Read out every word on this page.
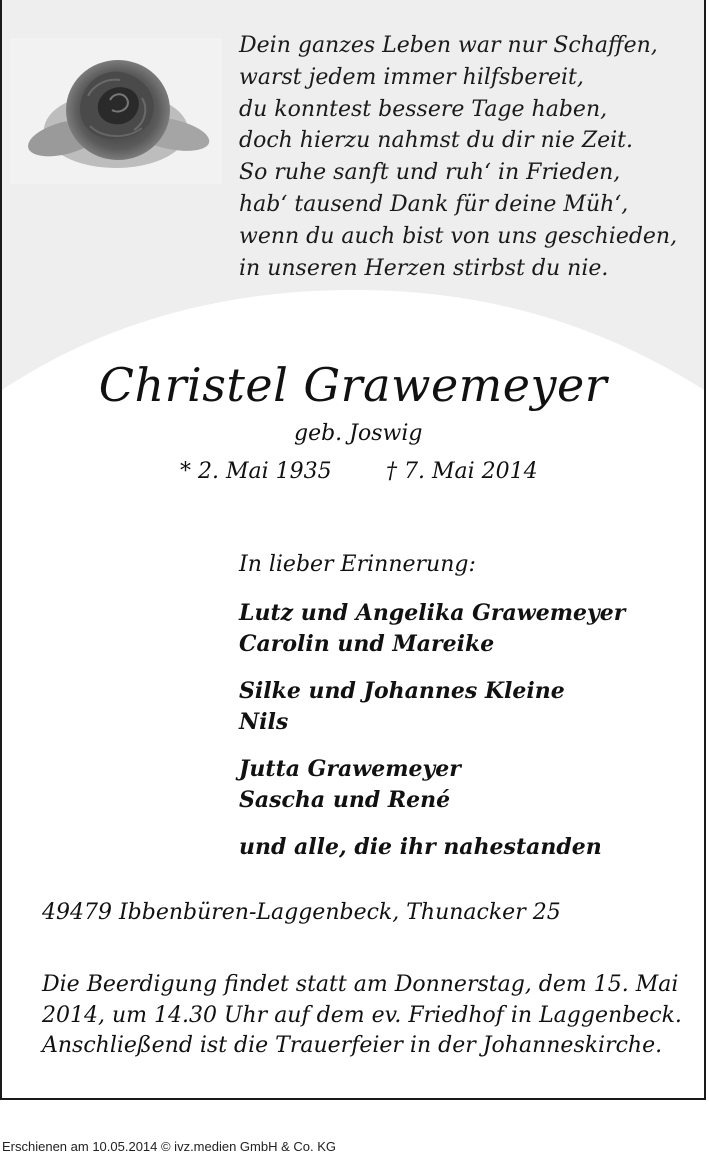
Dein ganzes Leben war nur Schaffen,
warst jedem immer hilfsbereit,
du konntest bessere Tage haben,
doch hierzu nahmst du dir nie Zeit.
So ruhe sanft und ruh‘ in Frieden,
hab‘ tausend Dank für deine Müh‘,
wenn du auch bist von uns geschieden,
in unseren Herzen stirbst du nie.
Christel Grawemeyer
geb. Joswig
* 2. Mai 1935 † 7. Mai 2014
In lieber Erinnerung:
Lutz und Angelika Grawemeyer
Carolin und Mareike
Silke und Johannes Kleine
Nils
Jutta Grawemeyer
Sascha und René
und alle, die ihr nahestanden
49479 Ibbenbüren-Laggenbeck, Thunacker 25
Die Beerdigung findet statt am Donnerstag, dem 15. Mai
2014, um 14.30 Uhr auf dem ev. Friedhof in Laggenbeck.
Anschließend ist die Trauerfeier in der Johanneskirche.
Erschienen am 10.05.2014 © ivz.medien GmbH & Co. KG
